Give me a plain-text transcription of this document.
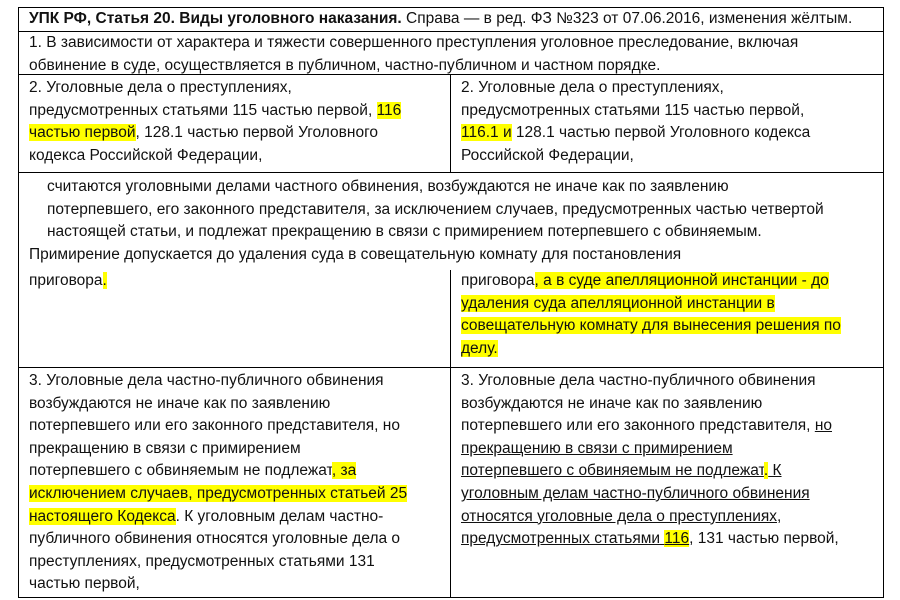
УПК РФ, Статья 20. Виды уголовного наказания. Справа — в ред. ФЗ №323 от 07.06.2016, изменения жёлтым.
1. В зависимости от характера и тяжести совершенного преступления уголовное преследование, включая
обвинение в суде, осуществляется в публичном, частно-публичном и частном порядке.
2. Уголовные дела о преступлениях,
предусмотренных статьями 115 частью первой, 116
частью первой, 128.1 частью первой Уголовного
кодекса Российской Федерации,
2. Уголовные дела о преступлениях,
предусмотренных статьями 115 частью первой,
116.1 и 128.1 частью первой Уголовного кодекса
Российской Федерации,
считаются уголовными делами частного обвинения, возбуждаются не иначе как по заявлению
потерпевшего, его законного представителя, за исключением случаев, предусмотренных частью четвертой
настоящей статьи, и подлежат прекращению в связи с примирением потерпевшего с обвиняемым.
Примирение допускается до удаления суда в совещательную комнату для постановления
приговора.	приговора, а в суде апелляционной инстанции - до
удаления суда апелляционной инстанции в
совещательную комнату для вынесения решения по
делу.
3. Уголовные дела частно-публичного обвинения
возбуждаются не иначе как по заявлению
потерпевшего или его законного представителя, но
прекращению в связи с примирением
потерпевшего с обвиняемым не подлежат, за
исключением случаев, предусмотренных статьей 25
настоящего Кодекса. К уголовным делам частно-
публичного обвинения относятся уголовные дела о
преступлениях, предусмотренных статьями 131
частью первой,
3. Уголовные дела частно-публичного обвинения
возбуждаются не иначе как по заявлению
потерпевшего или его законного представителя, но
прекращению в связи с примирением
потерпевшего с обвиняемым не подлежат. К
уголовным делам частно-публичного обвинения
относятся уголовные дела о преступлениях,
предусмотренных статьями 116, 131 частью первой,
